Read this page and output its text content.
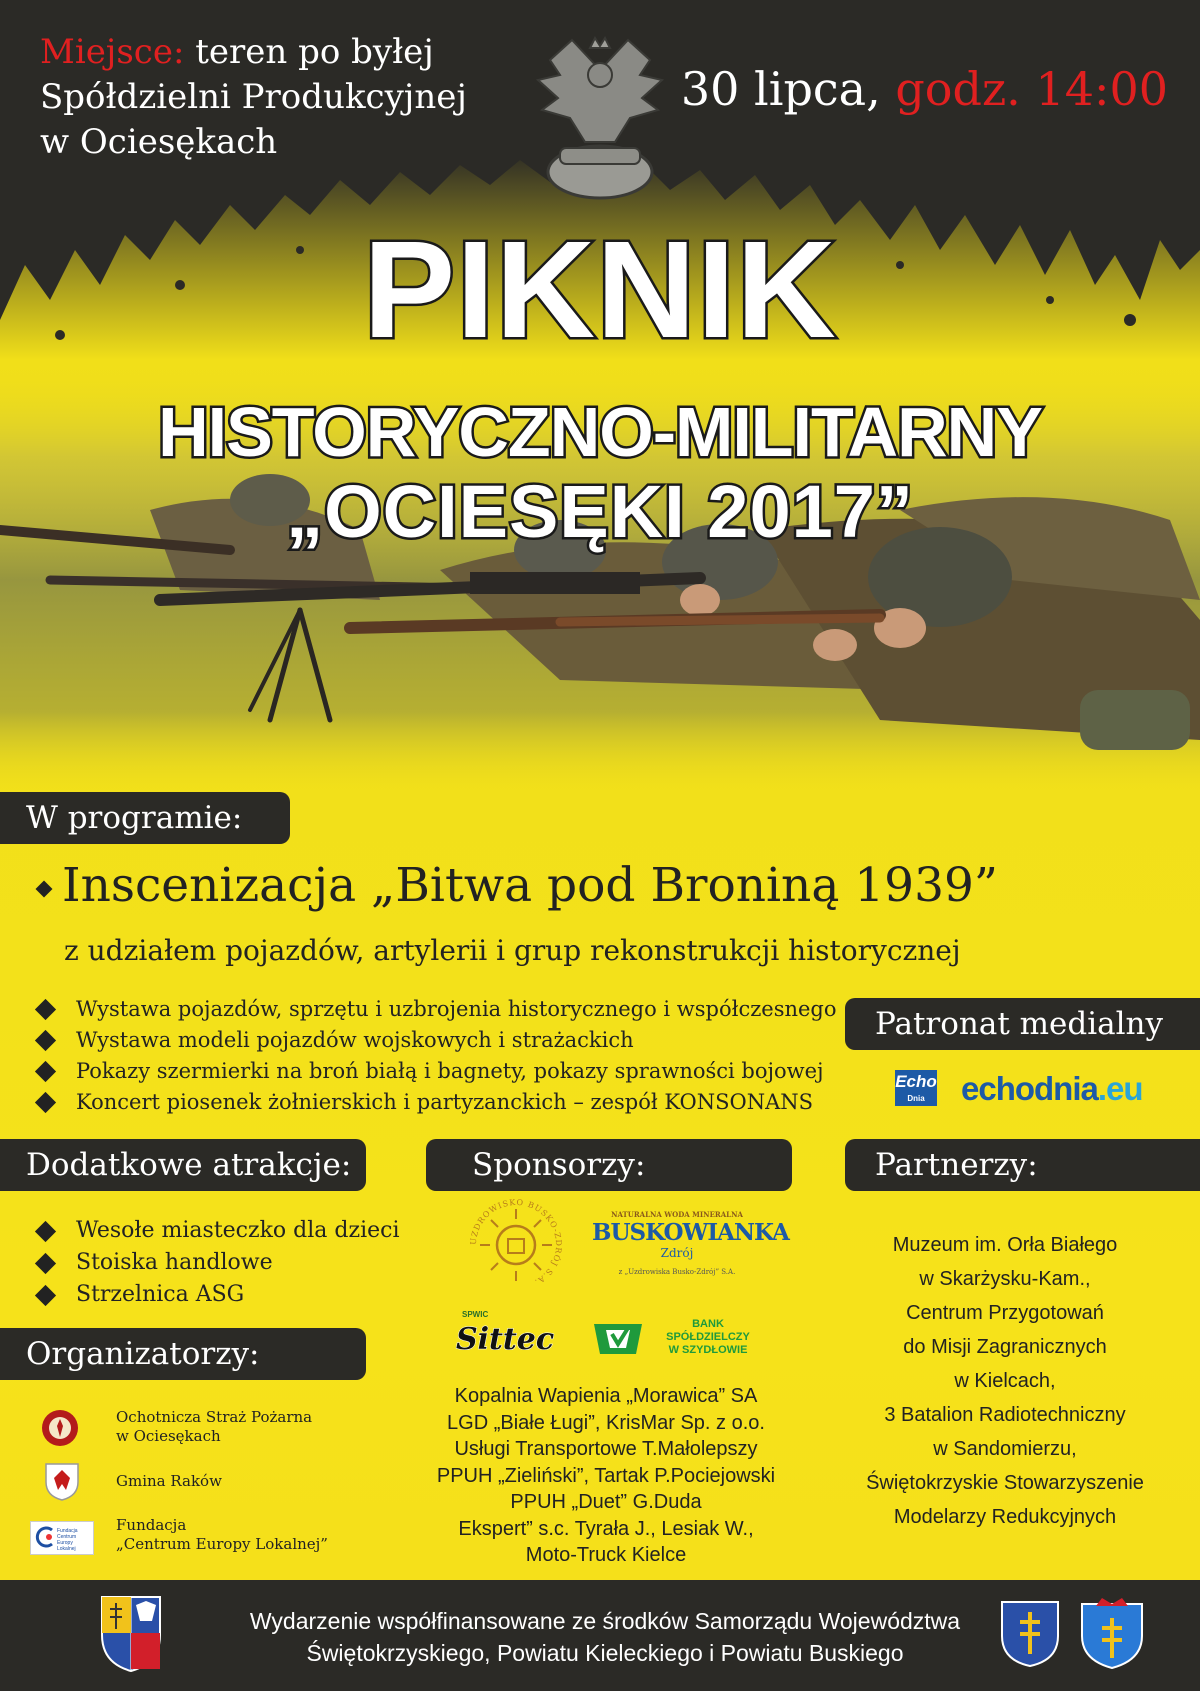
Miejsce: teren po byłej
Spółdzielni Produkcyjnej
w Ociesękach
30 lipca, godz. 14:00
PIKNIK
HISTORYCZNO-MILITARNY
„OCIESĘKI 2017”
W programie:
Inscenizacja „Bitwa pod Broniną 1939”
z udziałem pojazdów, artylerii i grup rekonstrukcji historycznej
Wystawa pojazdów, sprzętu i uzbrojenia historycznego i współczesnego
Wystawa modeli pojazdów wojskowych i strażackich
Pokazy szermierki na broń białą i bagnety, pokazy sprawności bojowej
Koncert piosenek żołnierskich i partyzanckich – zespół KONSONANS
Patronat medialny
Echo
Dnia	echodnia.eu
Dodatkowe atrakcje:	Sponsorzy:	Partnerzy:
Wesołe miasteczko dla dzieci
Stoiska handlowe
Strzelnica ASG
Organizatorzy:
Ochotnicza Straż Pożarna
w Ociesękach
Gmina Raków
Fundacja Centrum Europy Lokalnej
Fundacja
„Centrum Europy Lokalnej”
UZDROWISKO BUSKO-ZDRÓJ S.A.
NATURALNA WODA MINERALNA
BUSKOWIANKA
Zdrój
z „Uzdrowiska Busko-Zdrój” S.A.
SPWIC
Sittec	BANK
SPÓŁDZIELCZY
W SZYDŁOWIE
Kopalnia Wapienia „Morawica” SA
LGD „Białe Ługi”, KrisMar Sp. z o.o.
Usługi Transportowe T.Małolepszy
PPUH „Zieliński”, Tartak P.Pociejowski
PPUH „Duet” G.Duda
Ekspert” s.c. Tyrała J., Lesiak W.,
Moto-Truck Kielce
Muzeum im. Orła Białego
w Skarżysku-Kam.,
Centrum Przygotowań
do Misji Zagranicznych
w Kielcach,
3 Batalion Radiotechniczny
w Sandomierzu,
Świętokrzyskie Stowarzyszenie
Modelarzy Redukcyjnych
Wydarzenie współfinansowane ze środków Samorządu Województwa
Świętokrzyskiego, Powiatu Kieleckiego i Powiatu Buskiego
